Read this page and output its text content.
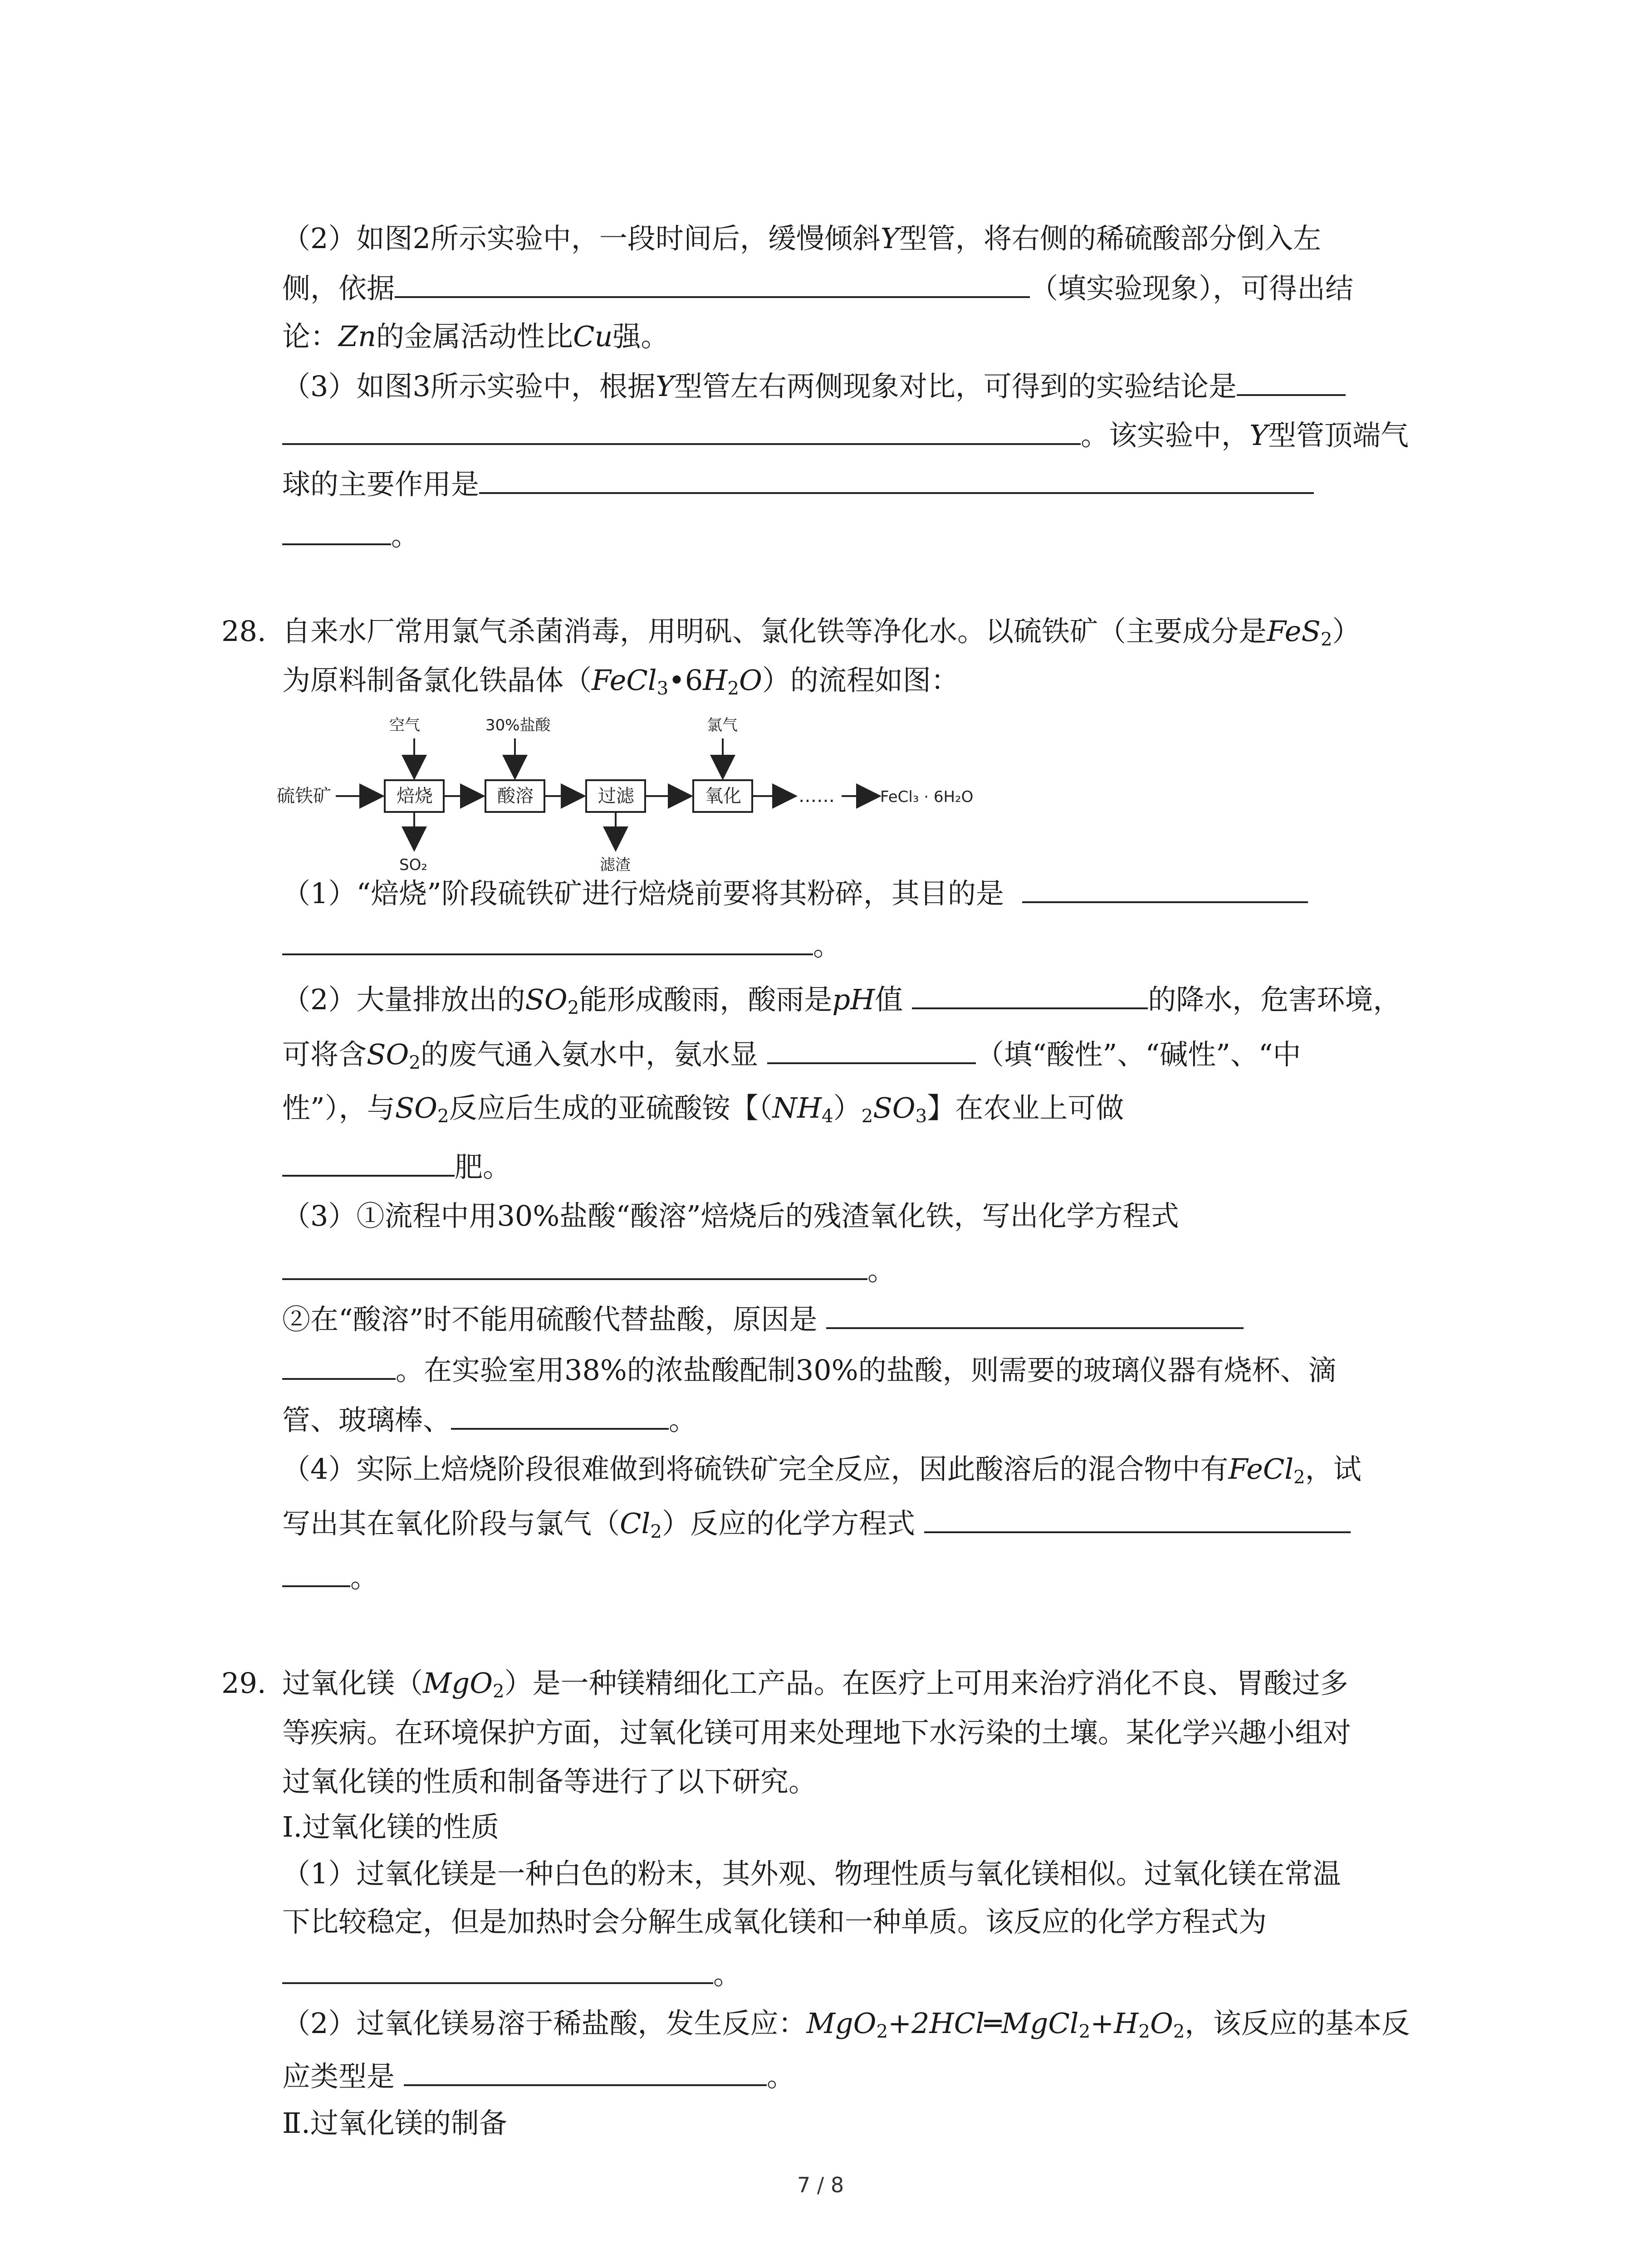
（2）如图2所示实验中，一段时间后，缓慢倾斜Y型管，将右侧的稀硫酸部分倒入左
侧，依据	（填实验现象），可得出结
论：Zn的金属活动性比Cu强。
（3）如图3所示实验中，根据Y型管左右两侧现象对比，可得到的实验结论是
。该实验中，Y型管顶端气
球的主要作用是
。
28. 自来水厂常用氯气杀菌消毒，用明矾、氯化铁等净化水。以硫铁矿（主要成分是FeS$_2$）
为原料制备氯化铁晶体$(FeCl_3•6H_2O)$的流程如图：
硫铁矿	焙烧	酸溶	过滤	氧化	……	FeCl₃ · 6H₂O
空气	30%盐酸	氯气
SO₂	滤渣
（1）“焙烧”阶段硫铁矿进行焙烧前要将其粉碎，其目的是
。
（2）大量排放出的$SO_2$能形成酸雨，酸雨是pH值	的降水，危害环境，
可将含$SO_2$的废气通入氨水中，氨水显	（填“酸性”、“碱性”、“中
性”），与$SO_2$反应后生成的亚硫酸铵【$(NH_4)_2SO_3$】在农业上可做
肥。
（3）①流程中用30%盐酸“酸溶”焙烧后的残渣氧化铁，写出化学方程式
。
②在“酸溶”时不能用硫酸代替盐酸，原因是
。在实验室用38%的浓盐酸配制30%的盐酸，则需要的玻璃仪器有烧杯、滴
管、玻璃棒、	。
（4）实际上焙烧阶段很难做到将硫铁矿完全反应，因此酸溶后的混合物中有FeCl$_2$，试
写出其在氧化阶段与氯气$(Cl_2)$反应的化学方程式
。
29. 过氧化镁（MgO$_2$）是一种镁精细化工产品。在医疗上可用来治疗消化不良、胃酸过多
等疾病。在环境保护方面，过氧化镁可用来处理地下水污染的土壤。某化学兴趣小组对
过氧化镁的性质和制备等进行了以下研究。
Ⅰ.过氧化镁的性质
（1）过氧化镁是一种白色的粉末，其外观、物理性质与氧化镁相似。过氧化镁在常温
下比较稳定，但是加热时会分解生成氧化镁和一种单质。该反应的化学方程式为
。
（2）过氧化镁易溶于稀盐酸，发生反应：$MgO_2+2HCl═MgCl_2+H_2O_2$，该反应的基本反
应类型是	。
Ⅱ.过氧化镁的制备
7 / 8
